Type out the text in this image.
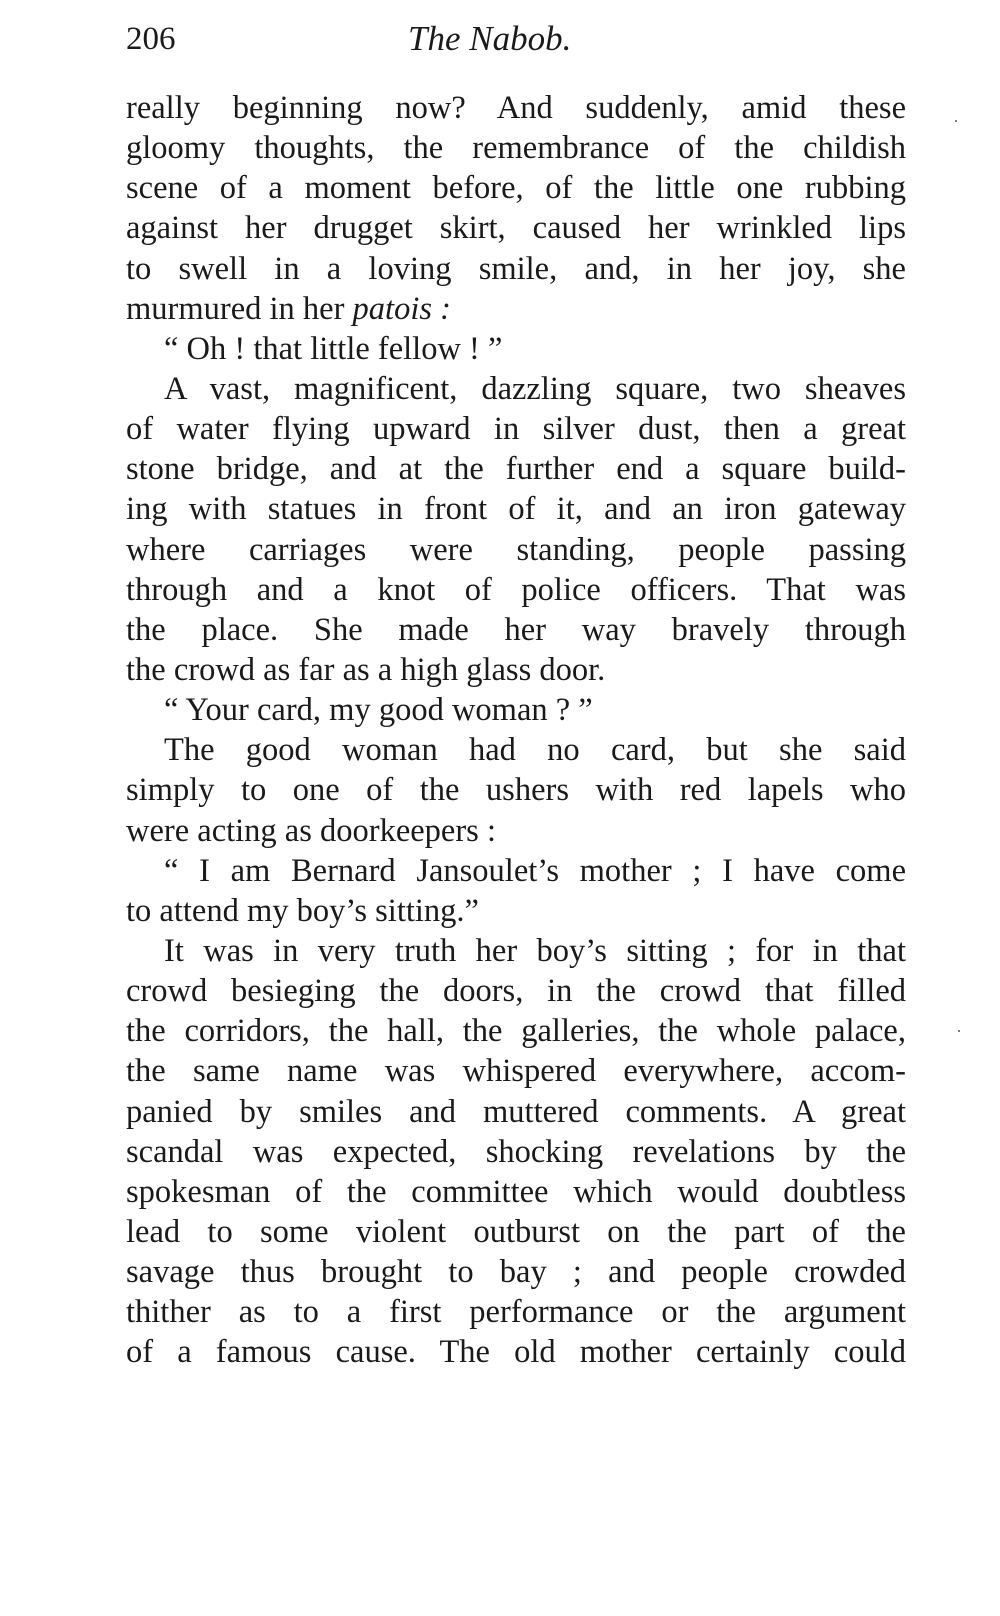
206	The Nabob.

really beginning now? And suddenly, amid these
gloomy thoughts, the remembrance of the childish
scene of a moment before, of the little one rubbing
against her drugget skirt, caused her wrinkled lips
to swell in a loving smile, and, in her joy, she
murmured in her patois :

“ Oh ! that little fellow ! ”

A vast, magnificent, dazzling square, two sheaves
of water flying upward in silver dust, then a great
stone bridge, and at the further end a square build-
ing with statues in front of it, and an iron gateway
where carriages were standing, people passing
through and a knot of police officers. That was
the place. She made her way bravely through
the crowd as far as a high glass door.

“ Your card, my good woman ? ”

The good woman had no card, but she said
simply to one of the ushers with red lapels who
were acting as doorkeepers :

“ I am Bernard Jansoulet’s mother ; I have come
to attend my boy’s sitting.”

It was in very truth her boy’s sitting ; for in that
crowd besieging the doors, in the crowd that filled
the corridors, the hall, the galleries, the whole palace,
the same name was whispered everywhere, accom-
panied by smiles and muttered comments. A great
scandal was expected, shocking revelations by the
spokesman of the committee which would doubtless
lead to some violent outburst on the part of the
savage thus brought to bay ; and people crowded
thither as to a first performance or the argument
of a famous cause. The old mother certainly could
